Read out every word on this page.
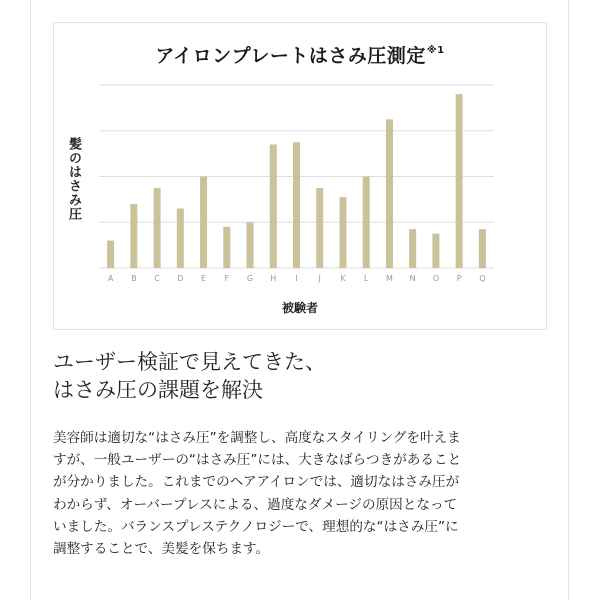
アイロンプレートはさみ圧測定$^{※1}$
髪のはさみ圧
被験者
A B C D E F G H I	J K L M N O P Q
ユーザー検証で見えてきた、
はさみ圧の課題を解決
美容師は適切な“はさみ圧”を調整し、高度なスタイリングを叶えま
すが、一般ユーザーの“はさみ圧”には、大きなばらつきがあること
が分かりました。これまでのヘアアイロンでは、適切なはさみ圧が
わからず、オーバープレスによる、過度なダメージの原因となって
いました。バランスプレステクノロジーで、理想的な“はさみ圧”に
調整することで、美髪を保ちます。
